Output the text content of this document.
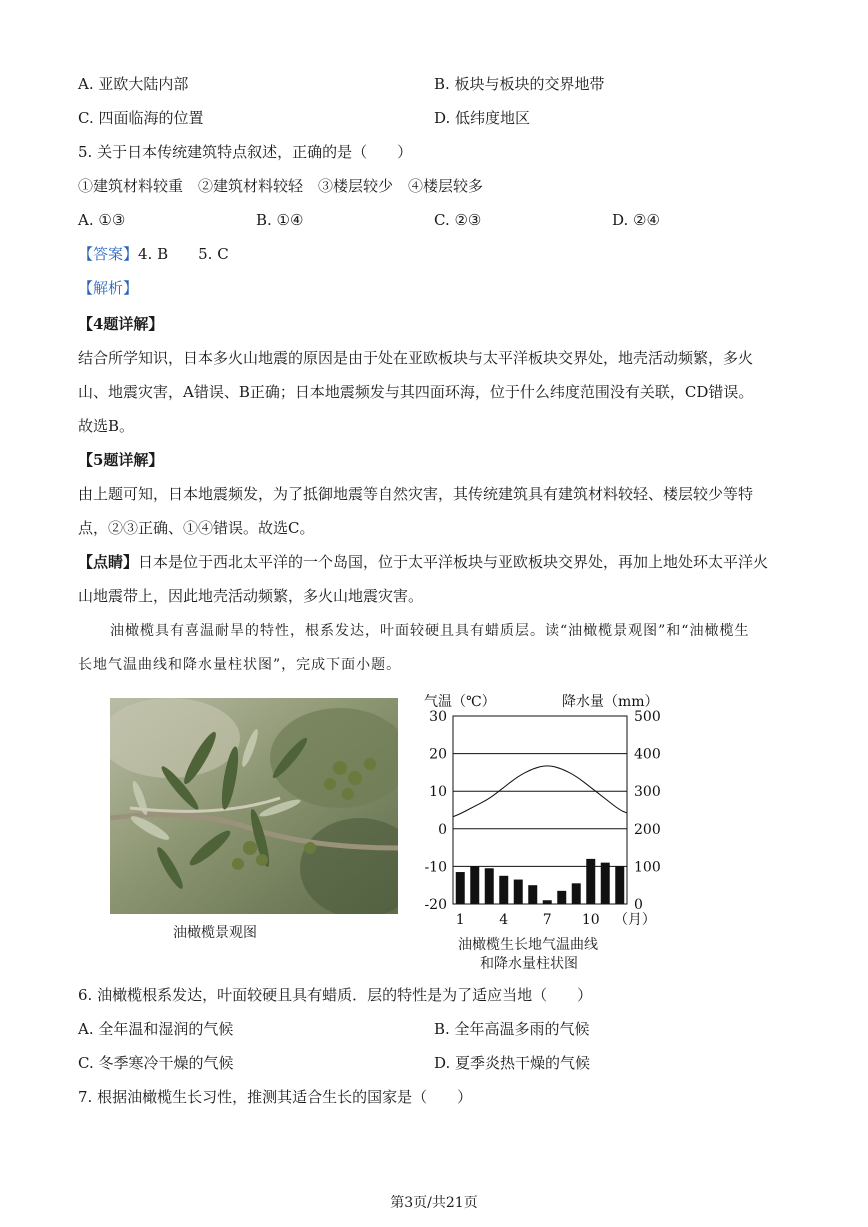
A. 亚欧大陆内部	B. 板块与板块的交界地带
C. 四面临海的位置	D. 低纬度地区
5. 关于日本传统建筑特点叙述，正确的是（　　）
①建筑材料较重　②建筑材料较轻　③楼层较少　④楼层较多
A. ①③	B. ①④	C. ②③	D. ②④
【答案】4. B　　5. C
【解析】
【4题详解】
结合所学知识，日本多火山地震的原因是由于处在亚欧板块与太平洋板块交界处，地壳活动频繁，多火
山、地震灾害，A错误、B正确；日本地震频发与其四面环海，位于什么纬度范围没有关联，CD错误。
故选B。
【5题详解】
由上题可知，日本地震频发，为了抵御地震等自然灾害，其传统建筑具有建筑材料较轻、楼层较少等特
点，②③正确、①④错误。故选C。
【点睛】日本是位于西北太平洋的一个岛国，位于太平洋板块与亚欧板块交界处，再加上地处环太平洋火
山地震带上，因此地壳活动频繁，多火山地震灾害。
油橄榄具有喜温耐旱的特性，根系发达，叶面较硬且具有蜡质层。读“油橄榄景观图”和“油橄榄生
长地气温曲线和降水量柱状图”，完成下面小题。
油橄榄景观图
气温（℃）	降水量（mm）
30
20
10
0
-10
-20
500
400
300
200
100
0
1 4 7 10 （月）
油橄榄生长地气温曲线
和降水量柱状图
6. 油橄榄根系发达，叶面较硬且具有蜡质．层的特性是为了适应当地（　　）
A. 全年温和湿润的气候	B. 全年高温多雨的气候
C. 冬季寒冷干燥的气候	D. 夏季炎热干燥的气候
7. 根据油橄榄生长习性，推测其适合生长的国家是（　　）
第3页/共21页
